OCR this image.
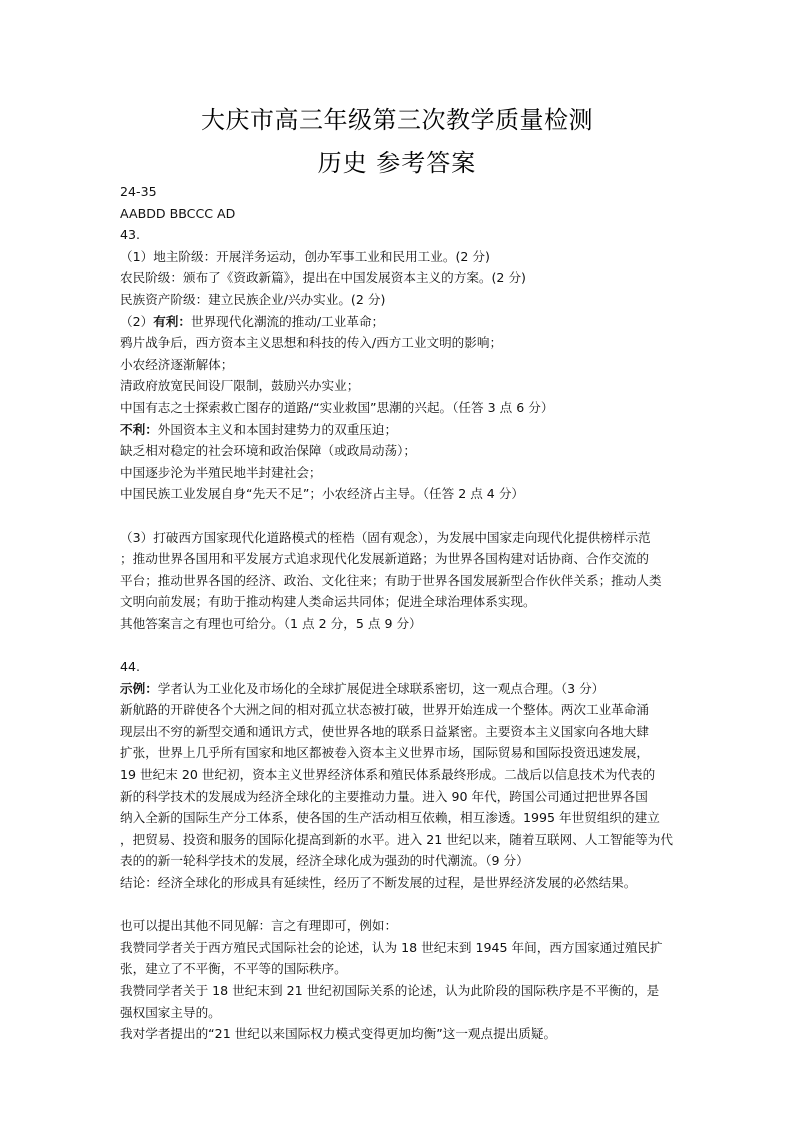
大庆市高三年级第三次教学质量检测
历史 参考答案

24-35

AABDD BBCCC AD

43.

（1）地主阶级：开展洋务运动，创办军事工业和民用工业。(2 分)

农民阶级：颁布了《资政新篇》，提出在中国发展资本主义的方案。(2 分)

民族资产阶级：建立民族企业/兴办实业。(2 分)

（2）有利：世界现代化潮流的推动/工业革命；

鸦片战争后，西方资本主义思想和科技的传入/西方工业文明的影响；

小农经济逐渐解体；

清政府放宽民间设厂限制，鼓励兴办实业；

中国有志之士探索救亡图存的道路/“实业救国”思潮的兴起。（任答 3 点 6 分）

不利：外国资本主义和本国封建势力的双重压迫；

缺乏相对稳定的社会环境和政治保障（或政局动荡）；

中国逐步沦为半殖民地半封建社会；

中国民族工业发展自身“先天不足”；小农经济占主导。（任答 2 点 4 分）

（3）打破西方国家现代化道路模式的桎梏（固有观念），为发展中国家走向现代化提供榜样示范

；推动世界各国用和平发展方式追求现代化发展新道路；为世界各国构建对话协商、合作交流的

平台；推动世界各国的经济、政治、文化往来；有助于世界各国发展新型合作伙伴关系；推动人类

文明向前发展；有助于推动构建人类命运共同体；促进全球治理体系实现。

其他答案言之有理也可给分。（1 点 2 分，5 点 9 分）

44.

示例：学者认为工业化及市场化的全球扩展促进全球联系密切，这一观点合理。（3 分）

新航路的开辟使各个大洲之间的相对孤立状态被打破，世界开始连成一个整体。两次工业革命涌

现层出不穷的新型交通和通讯方式，使世界各地的联系日益紧密。主要资本主义国家向各地大肆

扩张，世界上几乎所有国家和地区都被卷入资本主义世界市场，国际贸易和国际投资迅速发展，

19 世纪末 20 世纪初，资本主义世界经济体系和殖民体系最终形成。二战后以信息技术为代表的

新的科学技术的发展成为经济全球化的主要推动力量。进入 90 年代，跨国公司通过把世界各国

纳入全新的国际生产分工体系，使各国的生产活动相互依赖，相互渗透。1995 年世贸组织的建立

，把贸易、投资和服务的国际化提高到新的水平。进入 21 世纪以来，随着互联网、人工智能等为代

表的的新一轮科学技术的发展，经济全球化成为强劲的时代潮流。（9 分）

结论：经济全球化的形成具有延续性，经历了不断发展的过程，是世界经济发展的必然结果。

也可以提出其他不同见解：言之有理即可，例如：

我赞同学者关于西方殖民式国际社会的论述，认为 18 世纪末到 1945 年间，西方国家通过殖民扩

张，建立了不平衡，不平等的国际秩序。

我赞同学者关于 18 世纪末到 21 世纪初国际关系的论述，认为此阶段的国际秩序是不平衡的，是

强权国家主导的。

我对学者提出的“21 世纪以来国际权力模式变得更加均衡”这一观点提出质疑。
